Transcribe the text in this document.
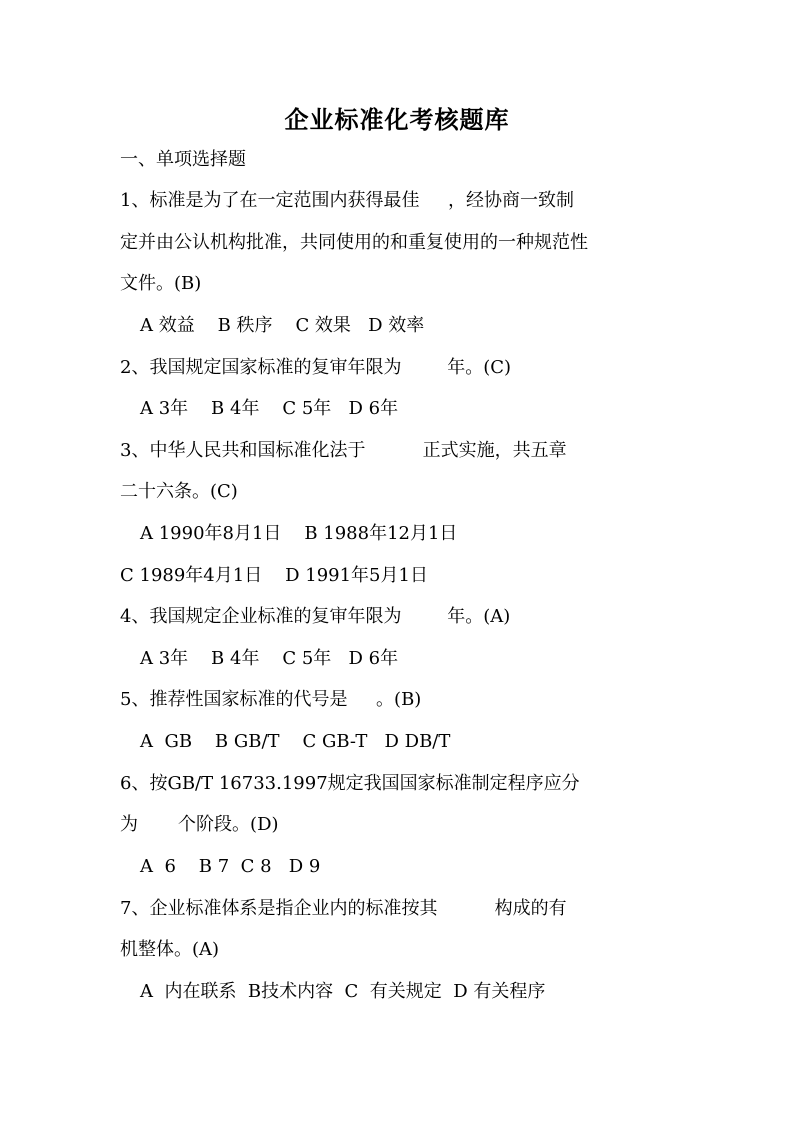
企业标准化考核题库
一、单项选择题
1、标准是为了在一定范围内获得最佳     ，经协商一致制
定并由公认机构批准，共同使用的和重复使用的一种规范性
文件。(B)
A 效益    B 秩序    C 效果   D 效率
2、我国规定国家标准的复审年限为        年。(C)
A 3年    B 4年    C 5年   D 6年
3、中华人民共和国标准化法于          正式实施，共五章
二十六条。(C)
A 1990年8月1日    B 1988年12月1日
C 1989年4月1日    D 1991年5月1日
4、我国规定企业标准的复审年限为        年。(A)
A 3年    B 4年    C 5年   D 6年
5、推荐性国家标准的代号是     。(B)
A  GB    B GB/T    C GB-T   D DB/T
6、按GB/T 16733.1997规定我国国家标准制定程序应分
为       个阶段。(D)
A  6    B 7  C 8   D 9
7、企业标准体系是指企业内的标准按其          构成的有
机整体。(A)
A  内在联系  B技术内容  C  有关规定  D 有关程序
